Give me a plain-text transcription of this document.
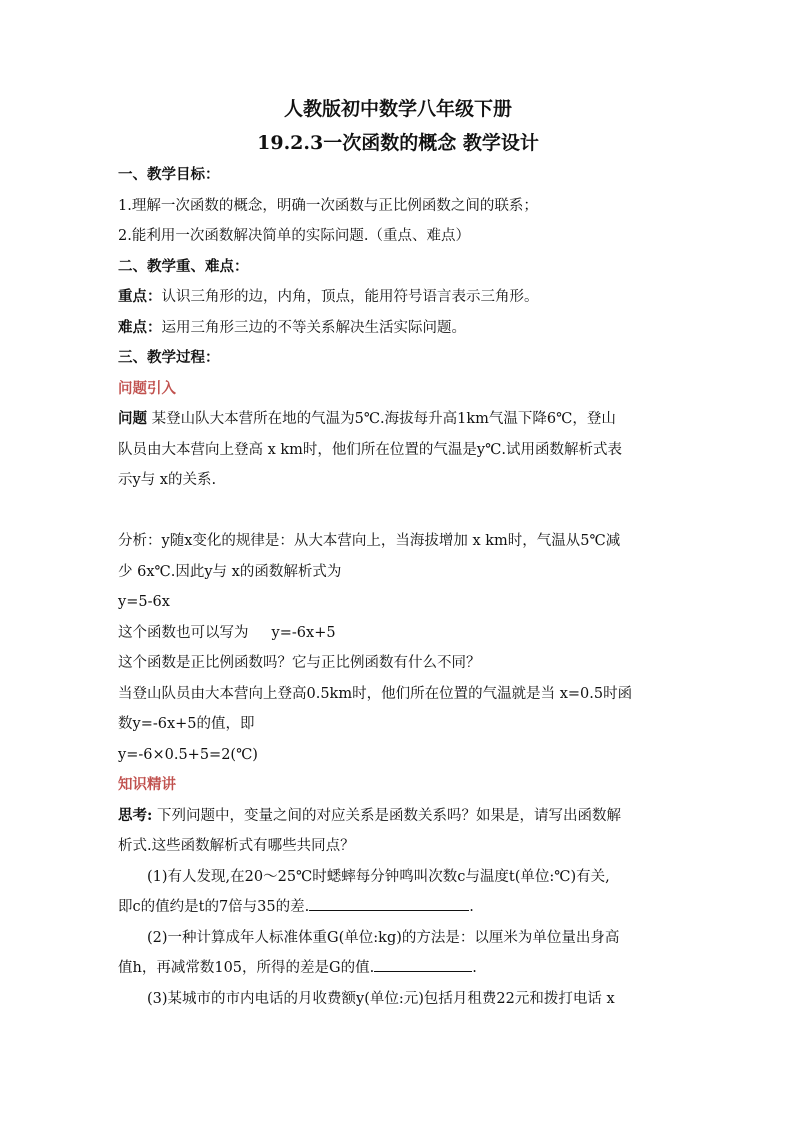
人教版初中数学八年级下册

19.2.3一次函数的概念 教学设计

一、教学目标：

1.理解一次函数的概念，明确一次函数与正比例函数之间的联系；

2.能利用一次函数解决简单的实际问题.（重点、难点）

二、教学重、难点：

重点：认识三角形的边，内角，顶点，能用符号语言表示三角形。

难点：运用三角形三边的不等关系解决生活实际问题。

三、教学过程：

问题引入

问题 某登山队大本营所在地的气温为5℃.海拔每升高1km气温下降6℃，登山

队员由大本营向上登高 x km时，他们所在位置的气温是y℃.试用函数解析式表

示y与 x的关系.

分析：y随x变化的规律是：从大本营向上，当海拔增加 x km时，气温从5℃减

少 6x℃.因此y与 x的函数解析式为

y=5-6x

这个函数也可以写为     y=-6x+5

这个函数是正比例函数吗？它与正比例函数有什么不同？

当登山队员由大本营向上登高0.5km时，他们所在位置的气温就是当 x=0.5时函

数y=-6x+5的值，即

y=-6×0.5+5=2(℃)

知识精讲

思考: 下列问题中，变量之间的对应关系是函数关系吗？如果是，请写出函数解

析式.这些函数解析式有哪些共同点？

(1)有人发现,在20～25℃时蟋蟀每分钟鸣叫次数c与温度t(单位:℃)有关,

即c的值约是t的7倍与35的差.	.

(2)一种计算成年人标准体重G(单位:kg)的方法是：以厘米为单位量出身高

值h，再减常数105，所得的差是G的值.	.

(3)某城市的市内电话的月收费额y(单位:元)包括月租费22元和拨打电话 x
